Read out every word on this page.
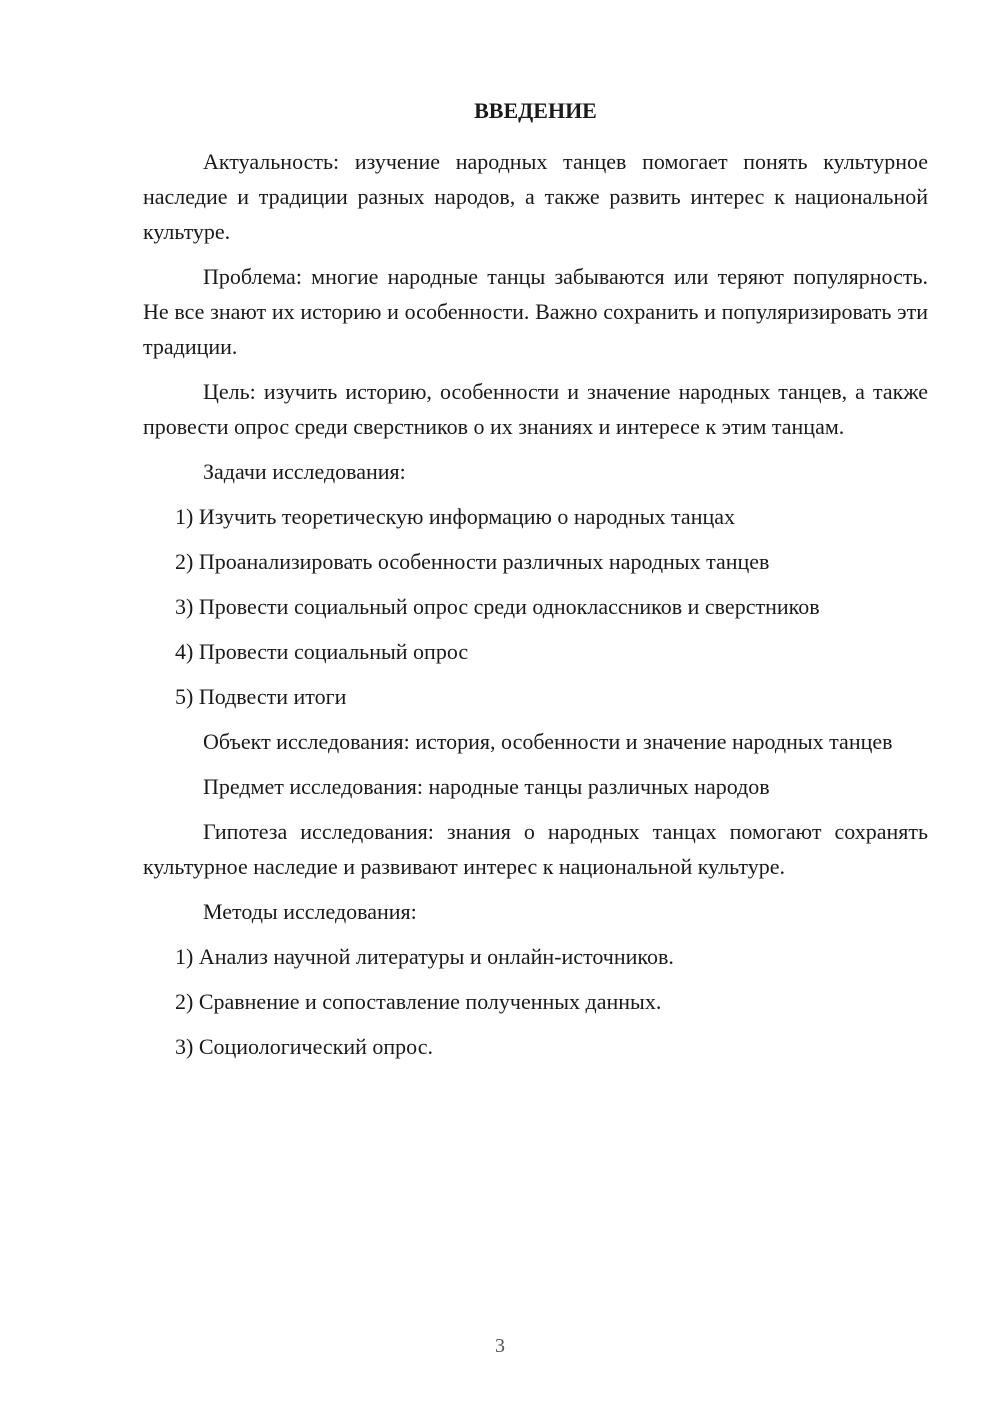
ВВЕДЕНИЕ

Актуальность: изучение народных танцев помогает понять культурное наследие и традиции разных народов, а также развить интерес к национальной культуре.

Проблема: многие народные танцы забываются или теряют популярность. Не все знают их историю и особенности. Важно сохранить и популяризировать эти традиции.

Цель: изучить историю, особенности и значение народных танцев, а также провести опрос среди сверстников о их знаниях и интересе к этим танцам.

Задачи исследования:

1) Изучить теоретическую информацию о народных танцах
2) Проанализировать особенности различных народных танцев
3) Провести социальный опрос среди одноклассников и сверстников
4) Провести социальный опрос
5) Подвести итоги

Объект исследования: история, особенности и значение народных танцев

Предмет исследования: народные танцы различных народов

Гипотеза исследования: знания о народных танцах помогают сохранять культурное наследие и развивают интерес к национальной культуре.

Методы исследования:

1) Анализ научной литературы и онлайн-источников.
2) Сравнение и сопоставление полученных данных.
3) Социологический опрос.
3
